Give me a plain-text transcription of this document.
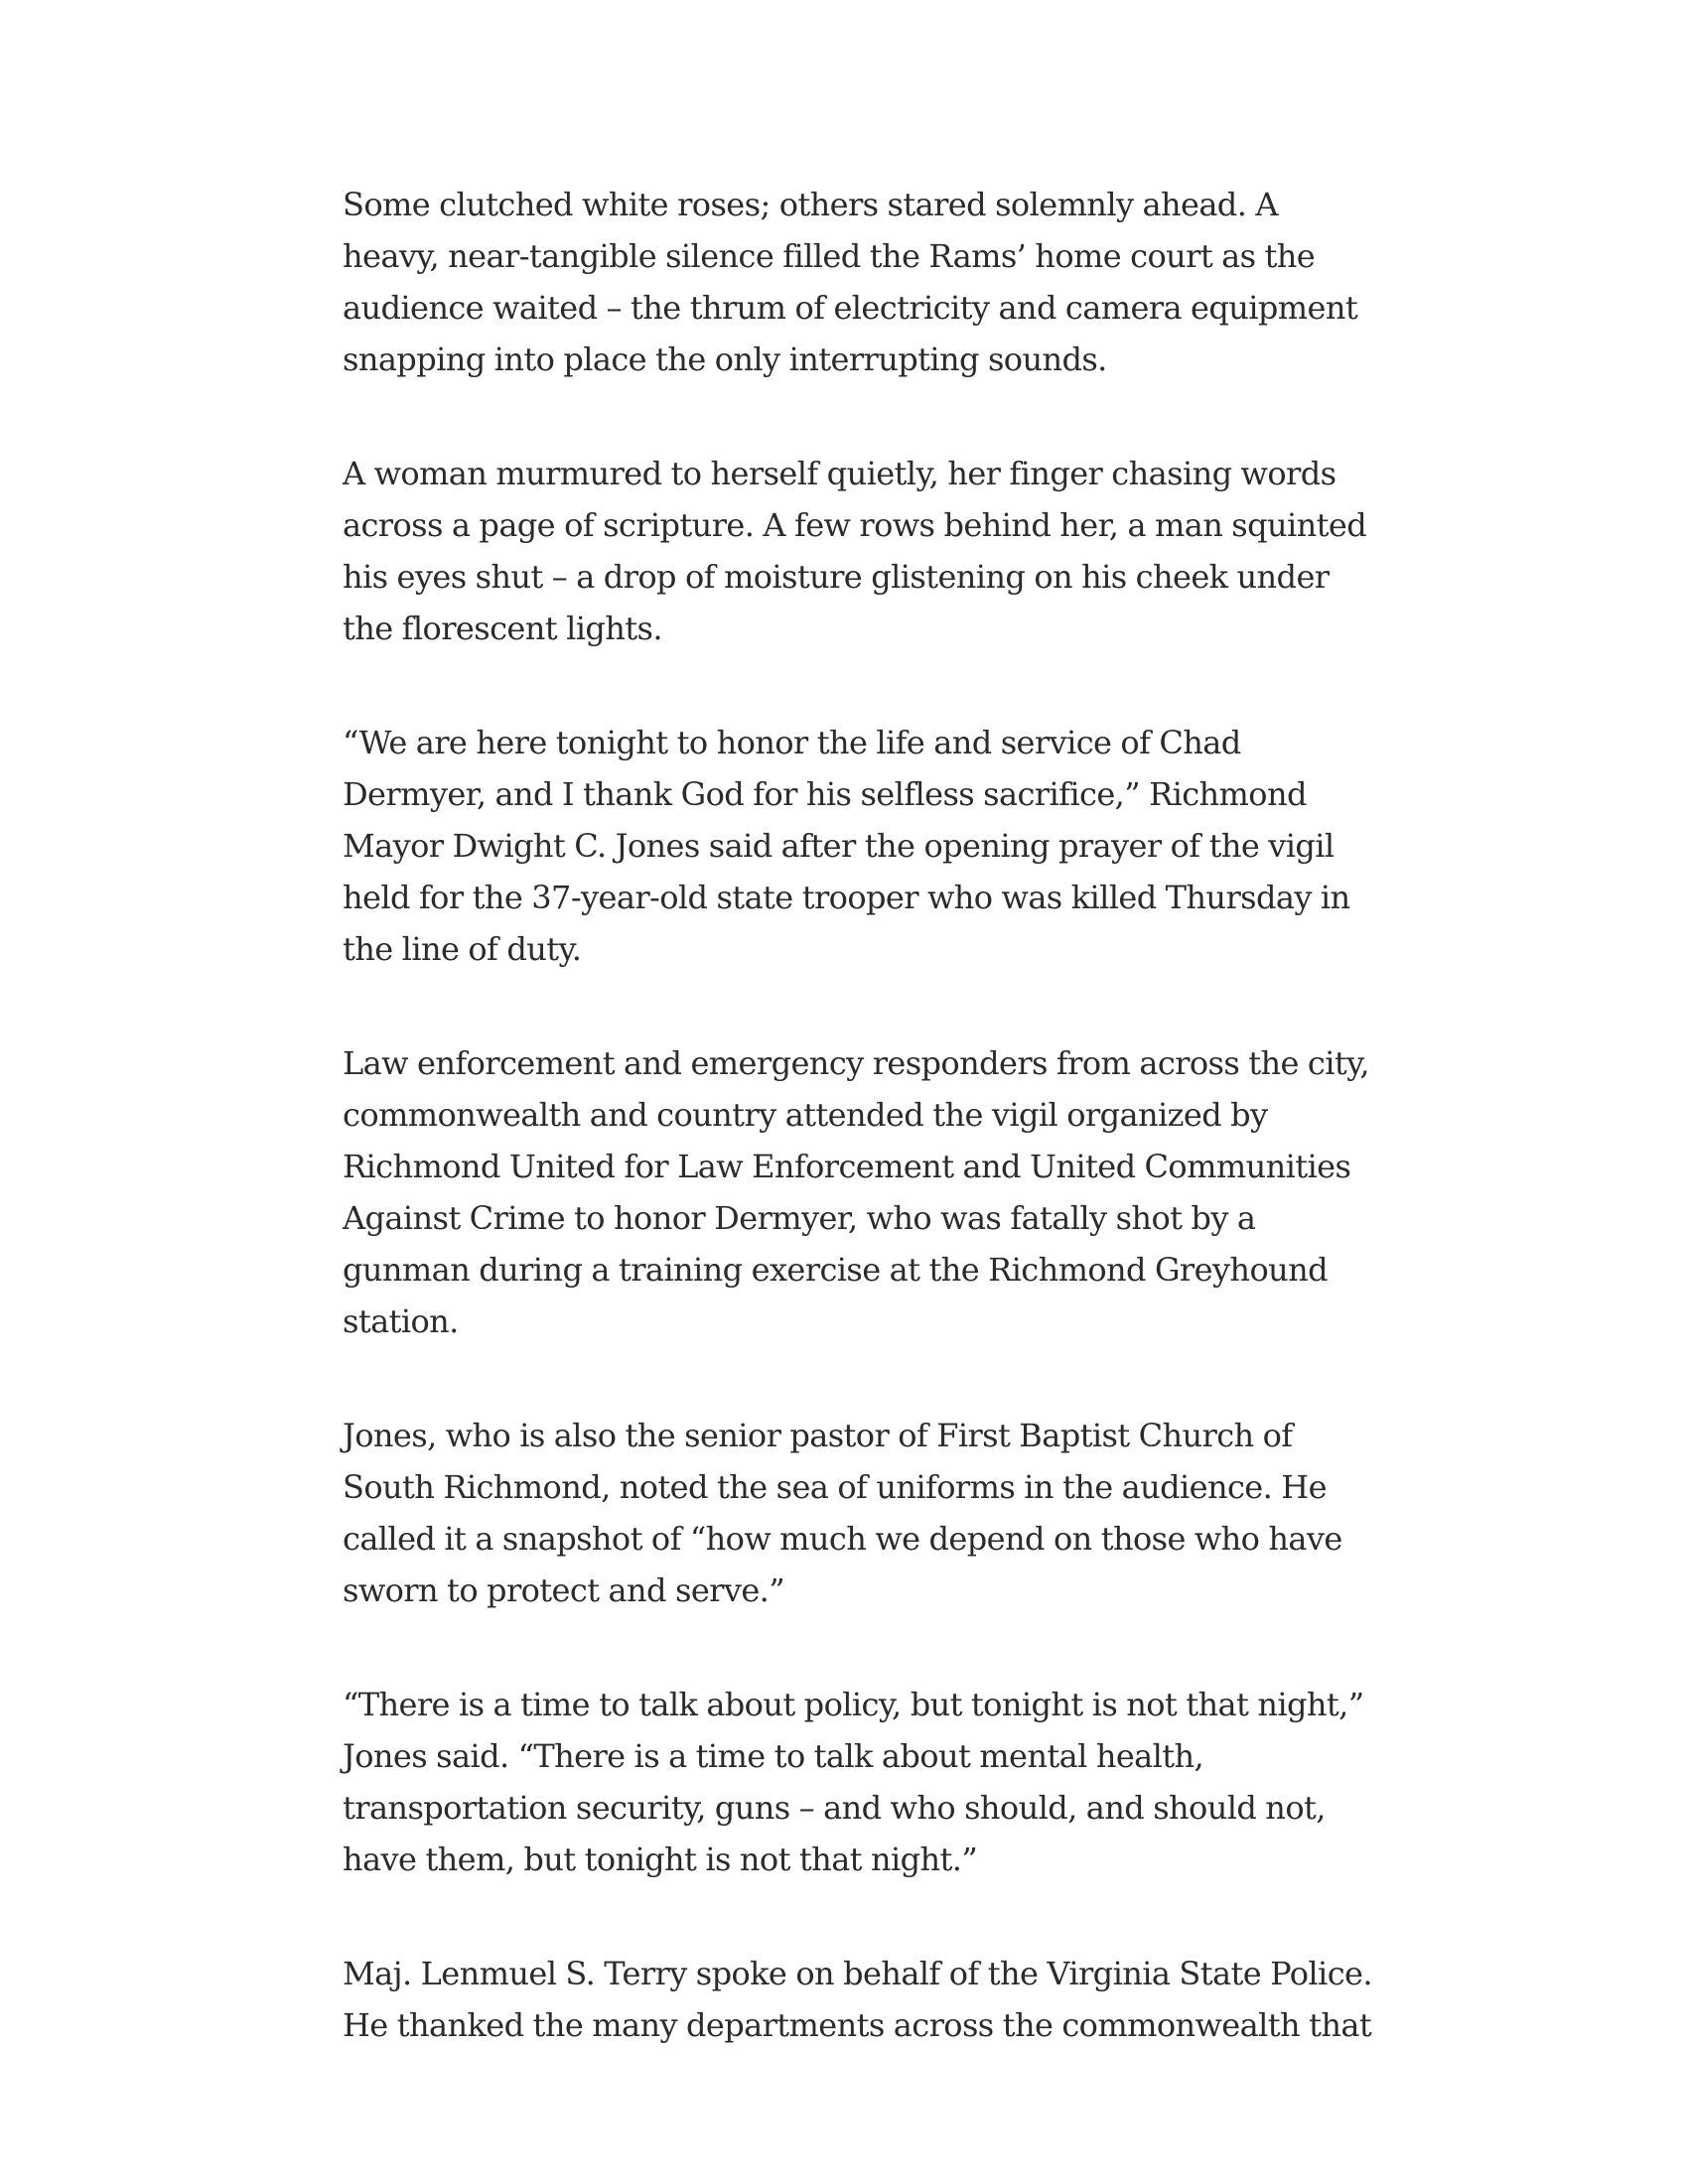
Some clutched white roses; others stared solemnly ahead. A heavy, near-tangible silence filled the Rams’ home court as the audience waited – the thrum of electricity and camera equipment snapping into place the only interrupting sounds.

A woman murmured to herself quietly, her finger chasing words across a page of scripture. A few rows behind her, a man squinted his eyes shut – a drop of moisture glistening on his cheek under the florescent lights.

“We are here tonight to honor the life and service of Chad Dermyer, and I thank God for his selfless sacrifice,” Richmond Mayor Dwight C. Jones said after the opening prayer of the vigil held for the 37-year-old state trooper who was killed Thursday in the line of duty.

Law enforcement and emergency responders from across the city, commonwealth and country attended the vigil organized by Richmond United for Law Enforcement and United Communities Against Crime to honor Dermyer, who was fatally shot by a gunman during a training exercise at the Richmond Greyhound station.

Jones, who is also the senior pastor of First Baptist Church of South Richmond, noted the sea of uniforms in the audience. He called it a snapshot of “how much we depend on those who have sworn to protect and serve.”

“There is a time to talk about policy, but tonight is not that night,” Jones said. “There is a time to talk about mental health, transportation security, guns – and who should, and should not, have them, but tonight is not that night.”

Maj. Lenmuel S. Terry spoke on behalf of the Virginia State Police. He thanked the many departments across the commonwealth that
